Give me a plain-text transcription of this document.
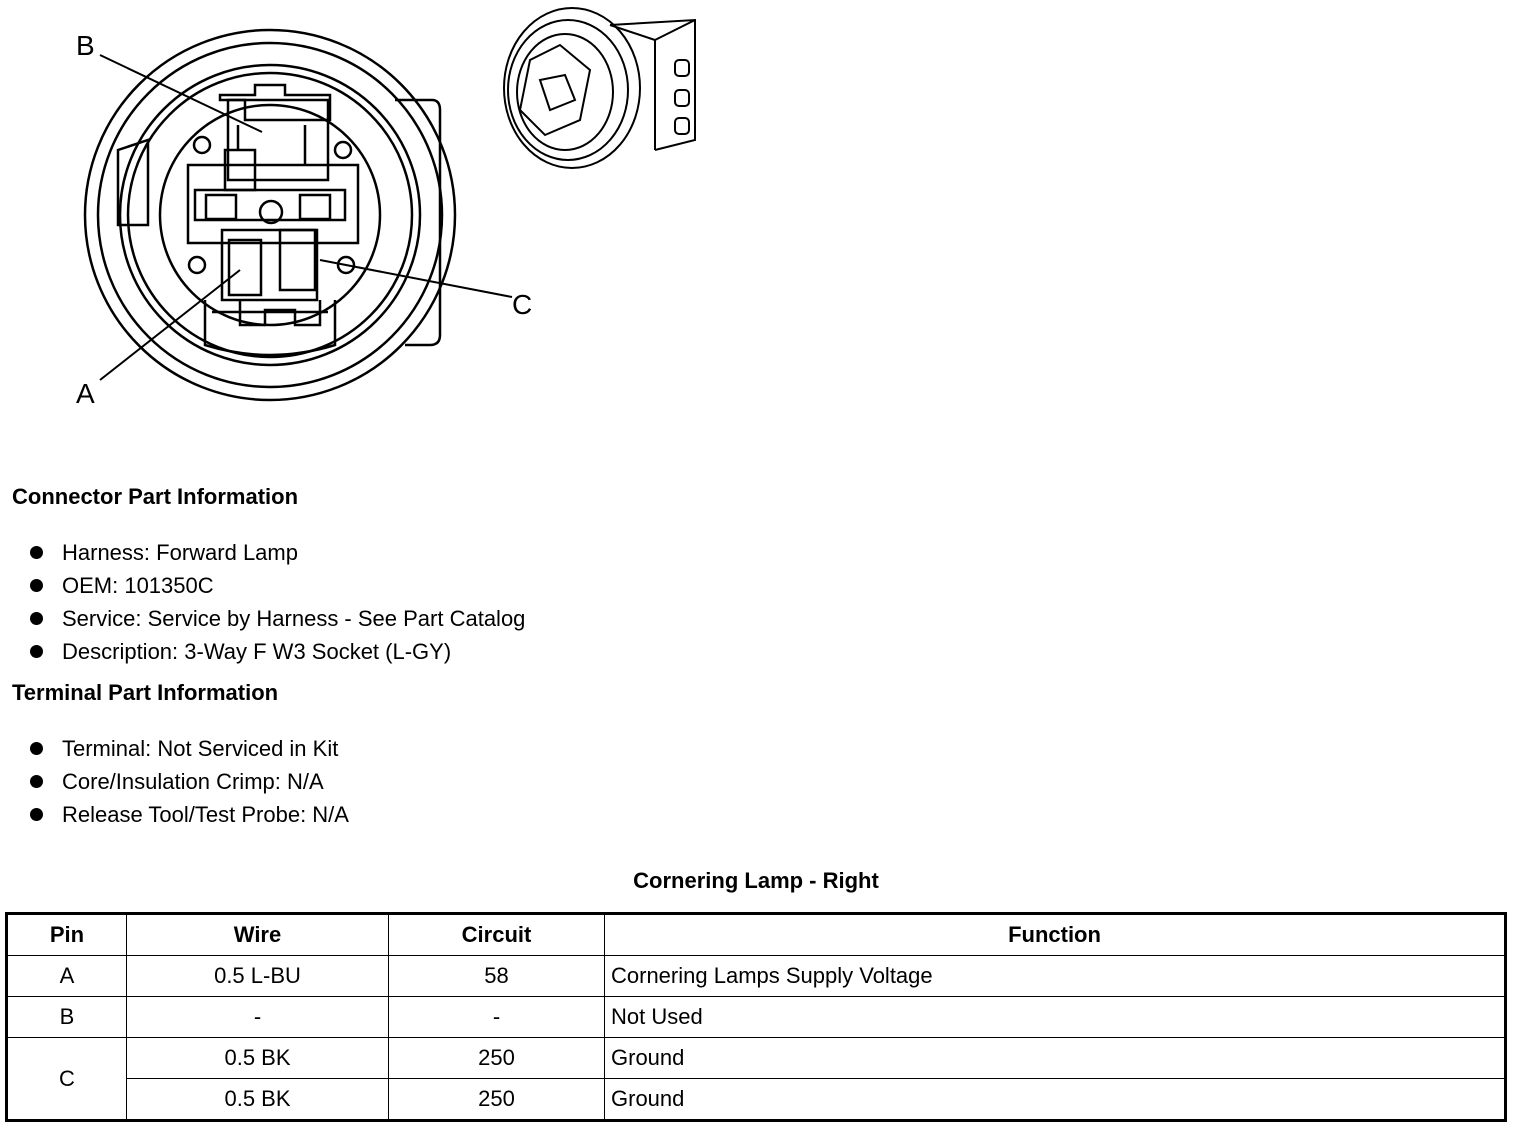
B
A
C
Connector Part Information
Harness: Forward Lamp
OEM: 101350C
Service: Service by Harness - See Part Catalog
Description: 3-Way F W3 Socket (L-GY)
Terminal Part Information
Terminal: Not Serviced in Kit
Core/Insulation Crimp: N/A
Release Tool/Test Probe: N/A
Cornering Lamp - Right
Pin	Wire	Circuit	Function
A	0.5 L-BU	58	Cornering Lamps Supply Voltage
B	-	-	Not Used
C	0.5 BK	250	Ground
	0.5 BK	250	Ground
